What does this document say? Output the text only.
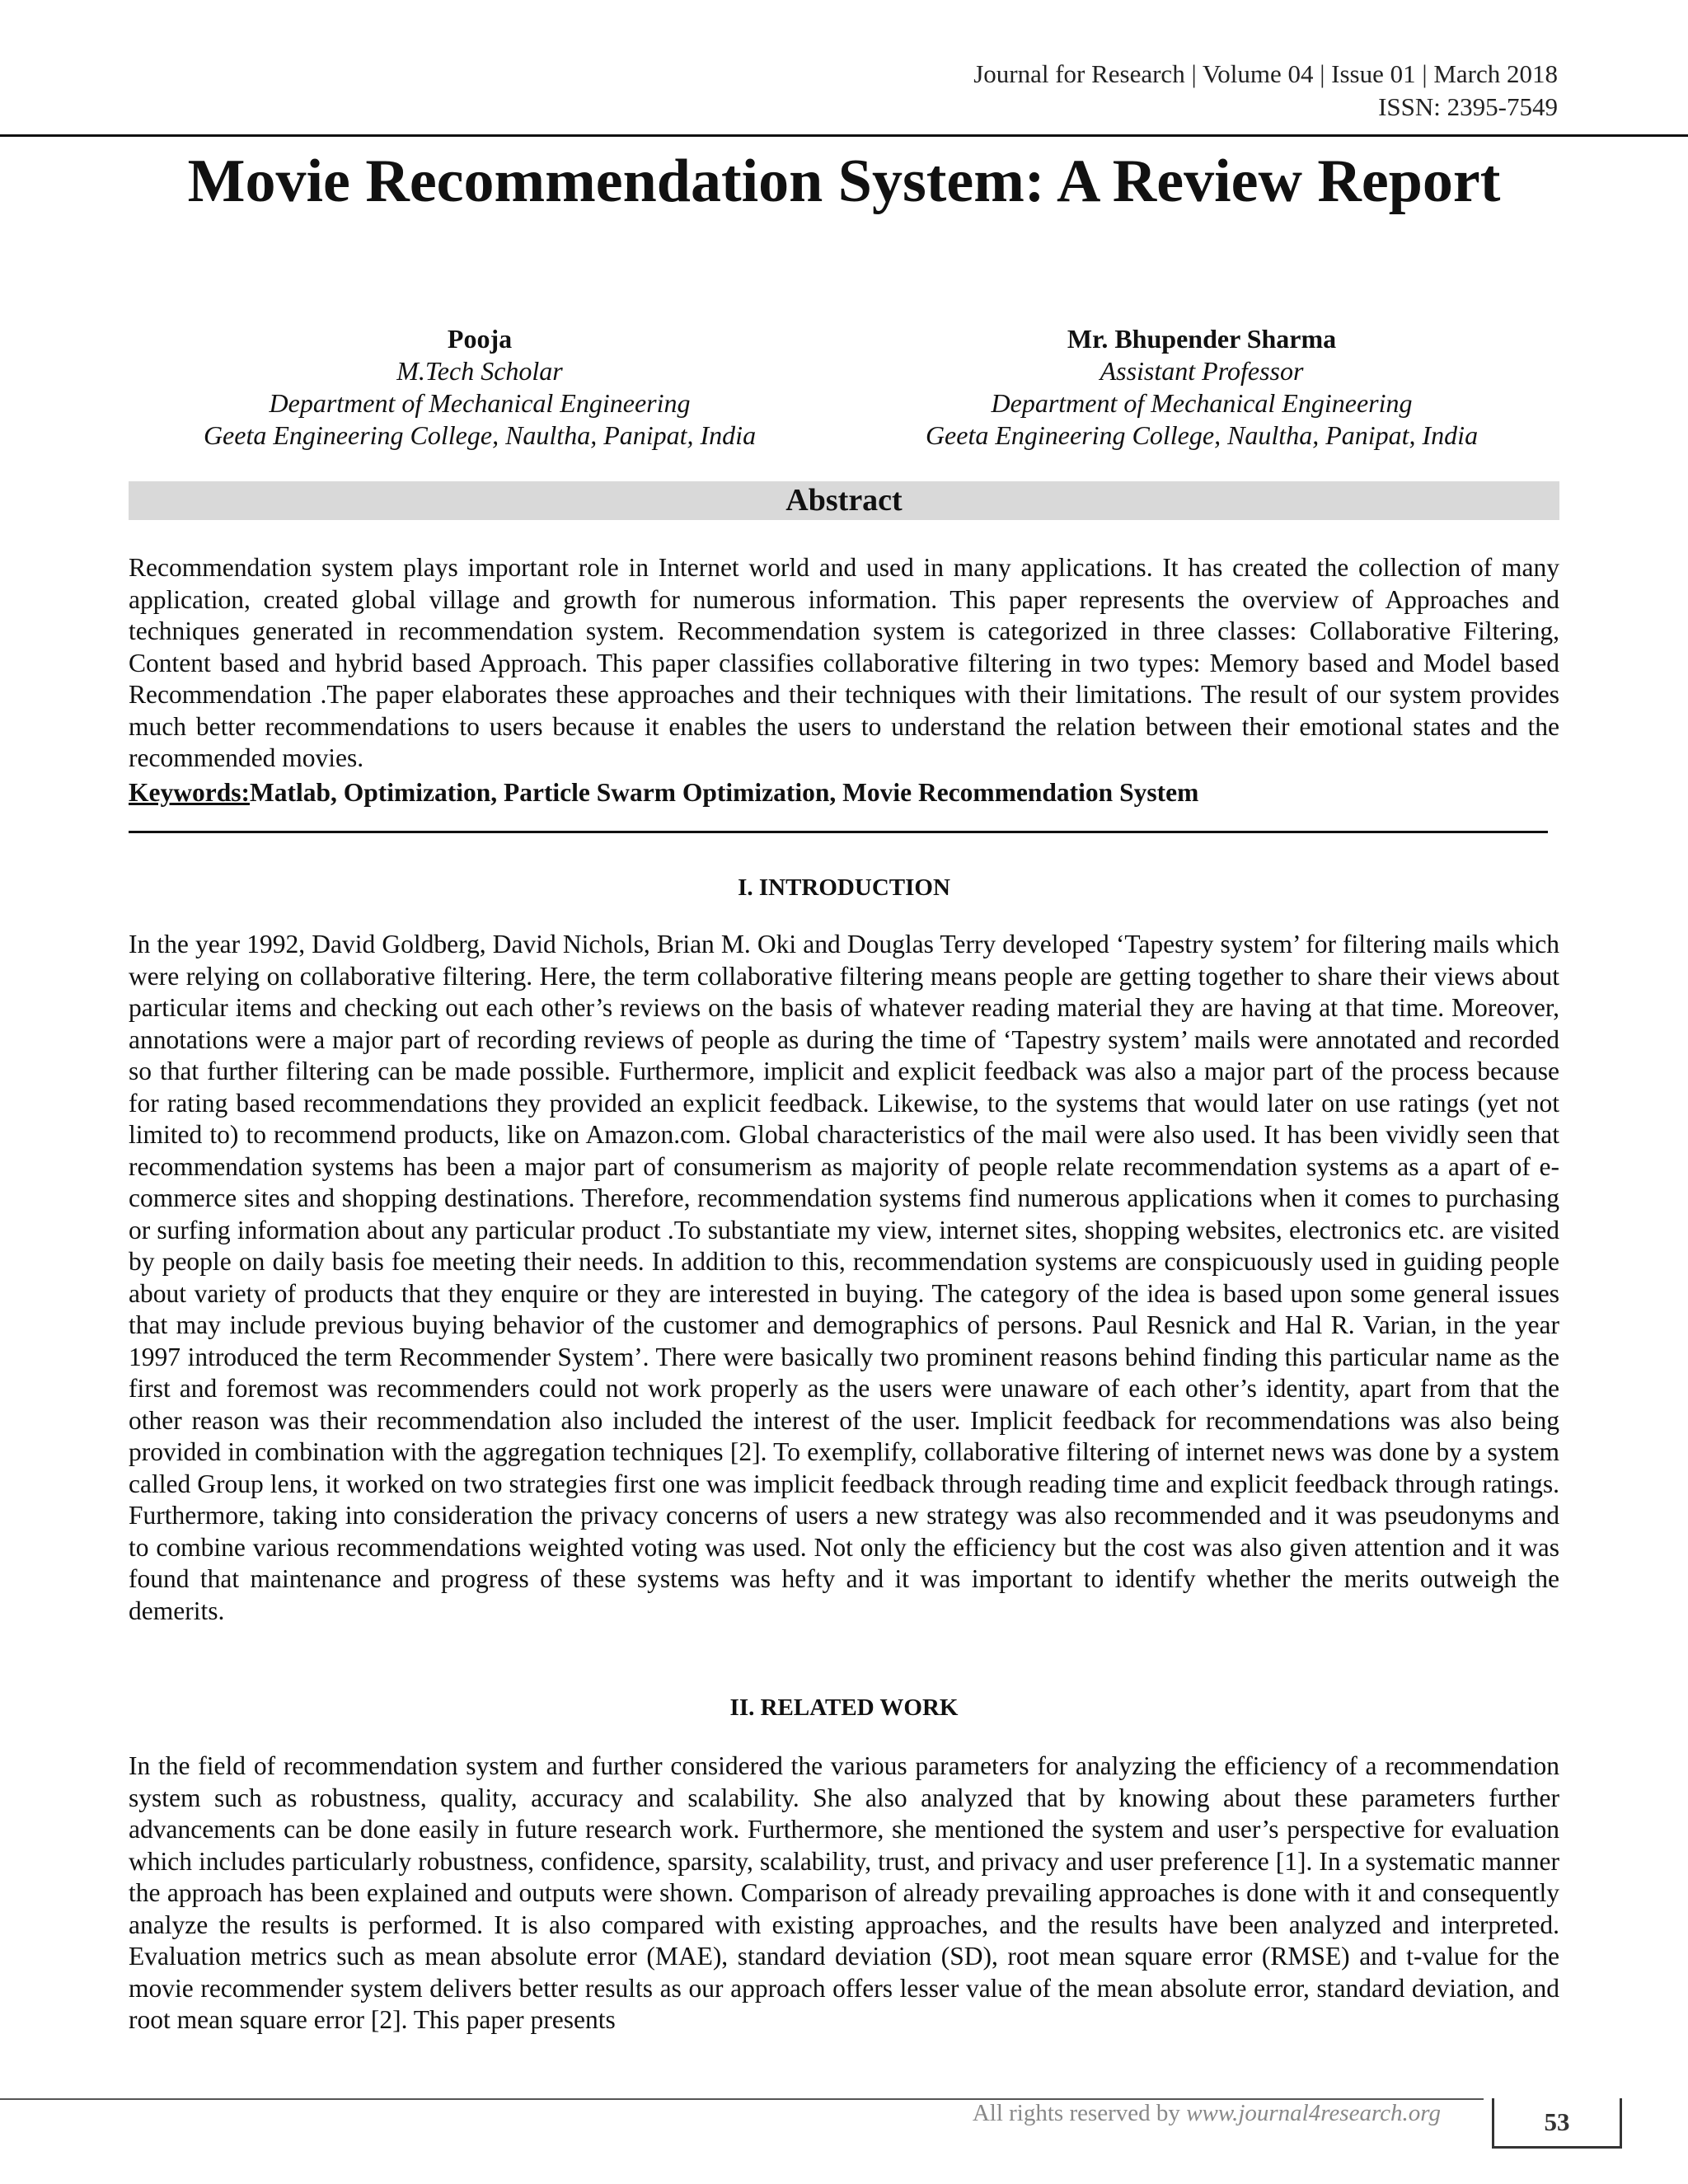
Journal for Research | Volume 04 | Issue 01 | March 2018
ISSN: 2395-7549
Movie Recommendation System: A Review Report
Pooja
M.Tech Scholar
Department of Mechanical Engineering
Geeta Engineering College, Naultha, Panipat, India
Mr. Bhupender Sharma
Assistant Professor
Department of Mechanical Engineering
Geeta Engineering College, Naultha, Panipat, India
Abstract

Recommendation system plays important role in Internet world and used in many applications. It has created the collection of many application, created global village and growth for numerous information. This paper represents the overview of Approaches and techniques generated in recommendation system. Recommendation system is categorized in three classes: Collaborative Filtering, Content based and hybrid based Approach. This paper classifies collaborative filtering in two types: Memory based and Model based Recommendation .The paper elaborates these approaches and their techniques with their limitations. The result of our system provides much better recommendations to users because it enables the users to understand the relation between their emotional states and the recommended movies.

Keywords:Matlab, Optimization, Particle Swarm Optimization, Movie Recommendation System
I. INTRODUCTION

In the year 1992, David Goldberg, David Nichols, Brian M. Oki and Douglas Terry developed ‘Tapestry system’ for filtering mails which were relying on collaborative filtering. Here, the term collaborative filtering means people are getting together to share their views about particular items and checking out each other’s reviews on the basis of whatever reading material they are having at that time. Moreover, annotations were a major part of recording reviews of people as during the time of ‘Tapestry system’ mails were annotated and recorded so that further filtering can be made possible. Furthermore, implicit and explicit feedback was also a major part of the process because for rating based recommendations they provided an explicit feedback. Likewise, to the systems that would later on use ratings (yet not limited to) to recommend products, like on Amazon.com. Global characteristics of the mail were also used. It has been vividly seen that recommendation systems has been a major part of consumerism as majority of people relate recommendation systems as a apart of e-commerce sites and shopping destinations. Therefore, recommendation systems find numerous applications when it comes to purchasing or surfing information about any particular product .To substantiate my view, internet sites, shopping websites, electronics etc. are visited by people on daily basis foe meeting their needs. In addition to this, recommendation systems are conspicuously used in guiding people about variety of products that they enquire or they are interested in buying. The category of the idea is based upon some general issues that may include previous buying behavior of the customer and demographics of persons. Paul Resnick and Hal R. Varian, in the year 1997 introduced the term Recommender System’. There were basically two prominent reasons behind finding this particular name as the first and foremost was recommenders could not work properly as the users were unaware of each other’s identity, apart from that the other reason was their recommendation also included the interest of the user. Implicit feedback for recommendations was also being provided in combination with the aggregation techniques [2]. To exemplify, collaborative filtering of internet news was done by a system called Group lens, it worked on two strategies first one was implicit feedback through reading time and explicit feedback through ratings. Furthermore, taking into consideration the privacy concerns of users a new strategy was also recommended and it was pseudonyms and to combine various recommendations weighted voting was used. Not only the efficiency but the cost was also given attention and it was found that maintenance and progress of these systems was hefty and it was important to identify whether the merits outweigh the demerits.

II. RELATED WORK

In the field of recommendation system and further considered the various parameters for analyzing the efficiency of a recommendation system such as robustness, quality, accuracy and scalability. She also analyzed that by knowing about these parameters further advancements can be done easily in future research work. Furthermore, she mentioned the system and user’s perspective for evaluation which includes particularly robustness, confidence, sparsity, scalability, trust, and privacy and user preference [1]. In a systematic manner the approach has been explained and outputs were shown. Comparison of already prevailing approaches is done with it and consequently analyze the results is performed. It is also compared with existing approaches, and the results have been analyzed and interpreted. Evaluation metrics such as mean absolute error (MAE), standard deviation (SD), root mean square error (RMSE) and t-value for the movie recommender system delivers better results as our approach offers lesser value of the mean absolute error, standard deviation, and root mean square error [2]. This paper presents

All rights reserved by www.journal4research.org	53
